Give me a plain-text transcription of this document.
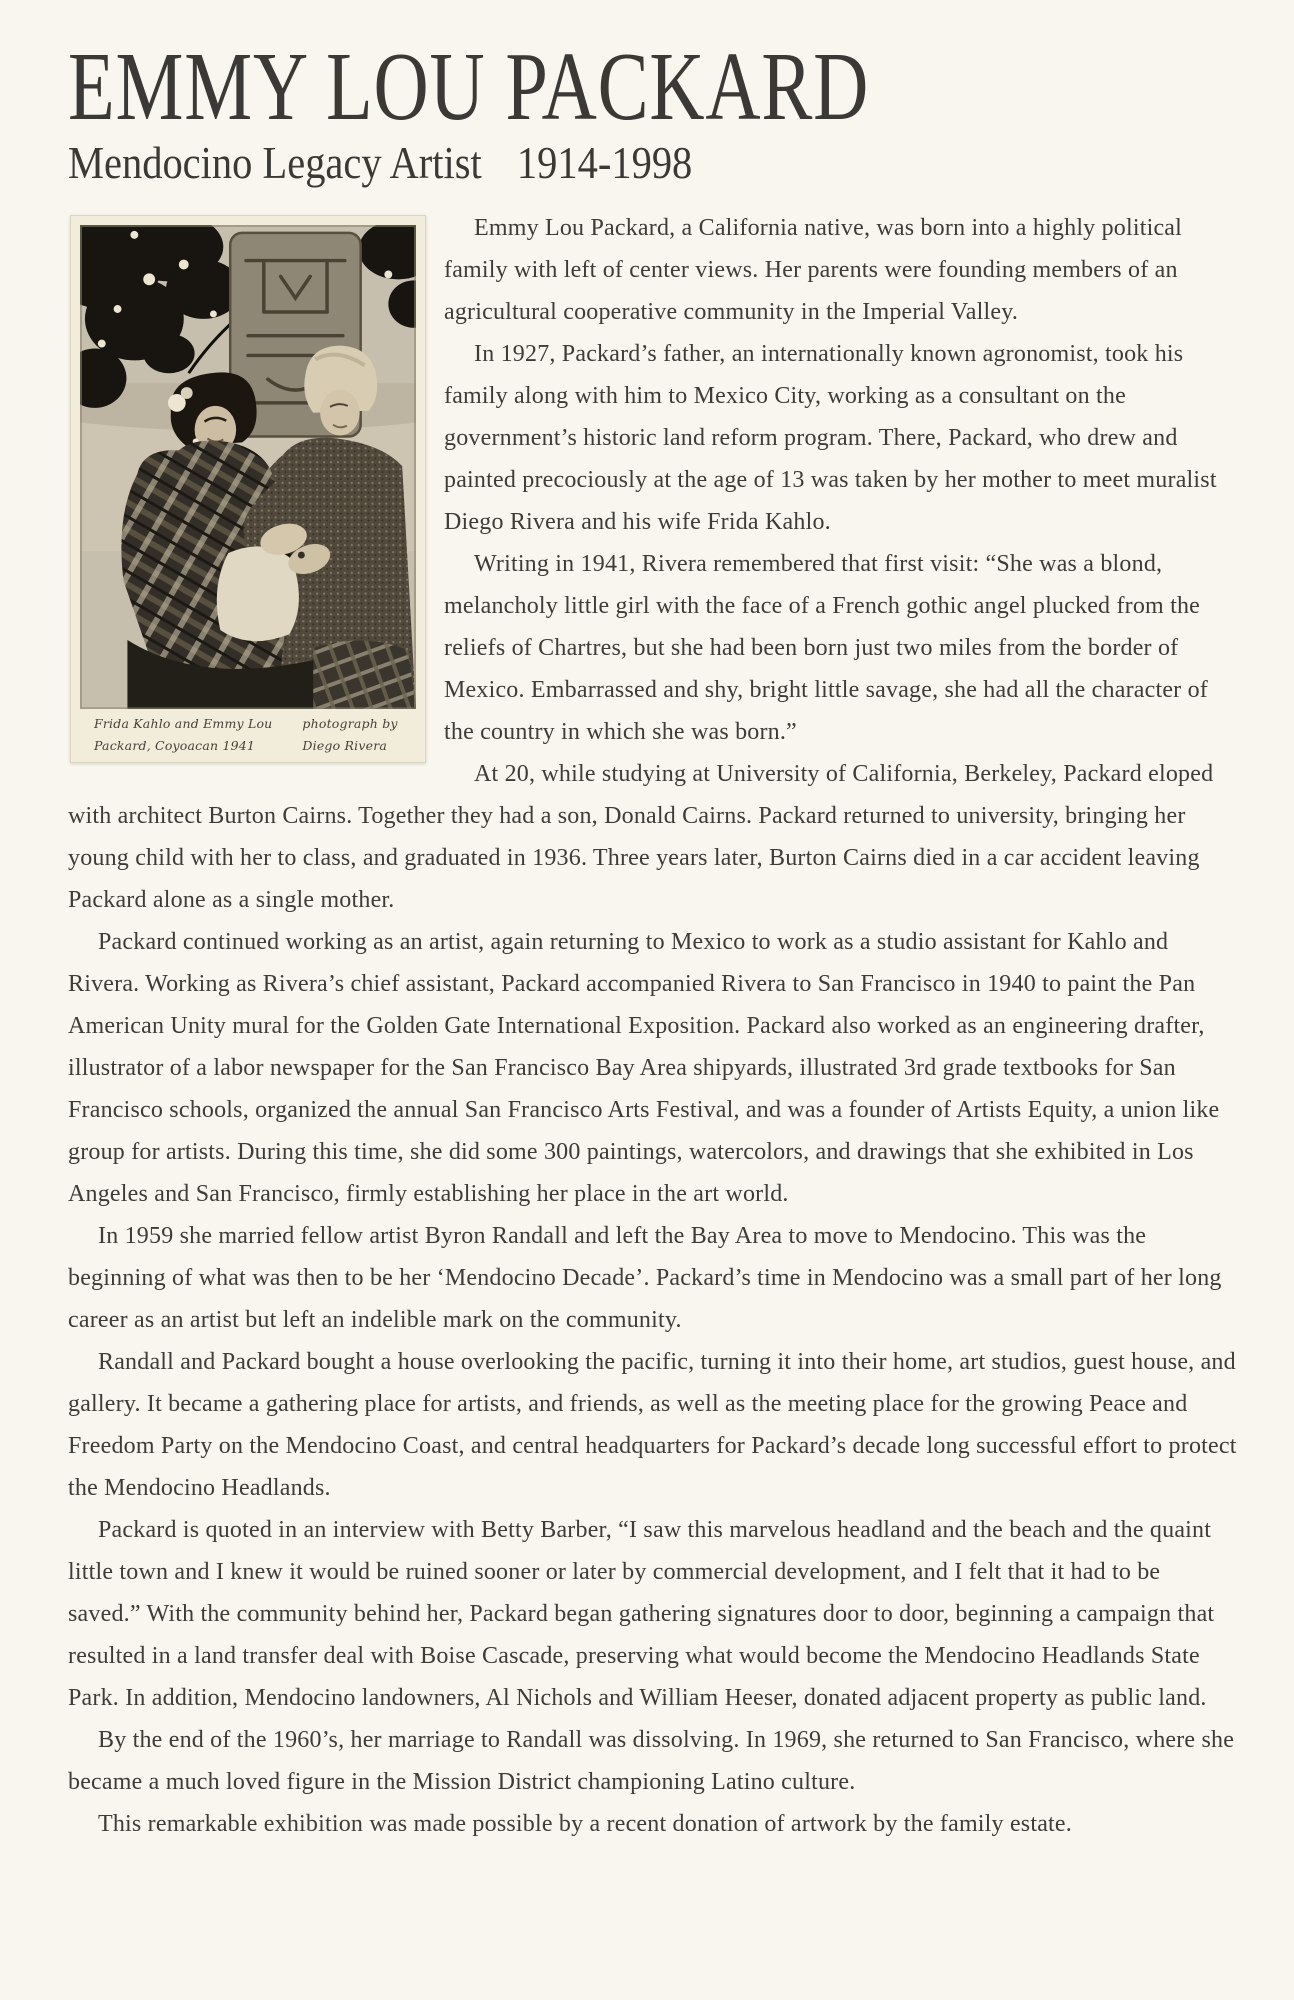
EMMY LOU PACKARD
Mendocino Legacy Artist 1914-1998
Frida Kahlo and Emmy Lou Packard, Coyoacan 1941
photograph by Diego Rivera

Emmy Lou Packard, a California native, was born into a highly political family with left of center views. Her parents were founding members of an agricultural cooperative community in the Imperial Valley.

In 1927, Packard’s father, an internationally known agronomist, took his family along with him to Mexico City, working as a consultant on the government’s historic land reform program. There, Packard, who drew and painted precociously at the age of 13 was taken by her mother to meet muralist Diego Rivera and his wife Frida Kahlo.

Writing in 1941, Rivera remembered that first visit: “She was a blond, melancholy little girl with the face of a French gothic angel plucked from the reliefs of Chartres, but she had been born just two miles from the border of Mexico. Embarrassed and shy, bright little savage, she had all the character of the country in which she was born.”

At 20, while studying at University of California, Berkeley, Packard eloped with architect Burton Cairns. Together they had a son, Donald Cairns. Packard returned to university, bringing her young child with her to class, and graduated in 1936. Three years later, Burton Cairns died in a car accident leaving Packard alone as a single mother.

Packard continued working as an artist, again returning to Mexico to work as a studio assistant for Kahlo and Rivera. Working as Rivera’s chief assistant, Packard accompanied Rivera to San Francisco in 1940 to paint the Pan American Unity mural for the Golden Gate International Exposition. Packard also worked as an engineering drafter, illustrator of a labor newspaper for the San Francisco Bay Area shipyards, illustrated 3rd grade textbooks for San Francisco schools, organized the annual San Francisco Arts Festival, and was a founder of Artists Equity, a union like group for artists. During this time, she did some 300 paintings, watercolors, and drawings that she exhibited in Los Angeles and San Francisco, firmly establishing her place in the art world.

In 1959 she married fellow artist Byron Randall and left the Bay Area to move to Mendocino. This was the beginning of what was then to be her ‘Mendocino Decade’. Packard’s time in Mendocino was a small part of her long career as an artist but left an indelible mark on the community.

Randall and Packard bought a house overlooking the pacific, turning it into their home, art studios, guest house, and gallery. It became a gathering place for artists, and friends, as well as the meeting place for the growing Peace and Freedom Party on the Mendocino Coast, and central headquarters for Packard’s decade long successful effort to protect the Mendocino Headlands.

Packard is quoted in an interview with Betty Barber, “I saw this marvelous headland and the beach and the quaint little town and I knew it would be ruined sooner or later by commercial development, and I felt that it had to be saved.” With the community behind her, Packard began gathering signatures door to door, beginning a campaign that resulted in a land transfer deal with Boise Cascade, preserving what would become the Mendocino Headlands State Park. In addition, Mendocino landowners, Al Nichols and William Heeser, donated adjacent property as public land.

By the end of the 1960’s, her marriage to Randall was dissolving. In 1969, she returned to San Francisco, where she became a much loved figure in the Mission District championing Latino culture.

This remarkable exhibition was made possible by a recent donation of artwork by the family estate.
